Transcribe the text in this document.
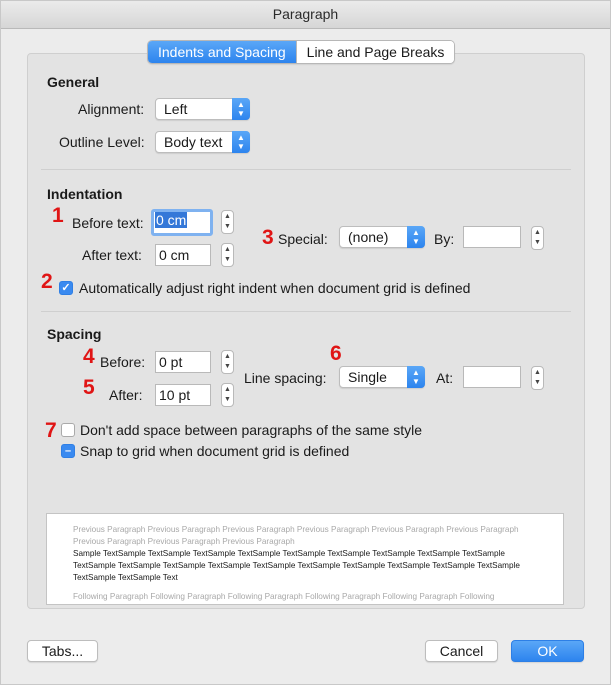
Paragraph
Indents and Spacing	Line and Page Breaks
General
Alignment: Left	▲
▼
Outline Level: Body text	▲
▼
Indentation
1 Before text: 0 cm	▲
▼
After text: 0 cm	▲
▼
3 Special: (none)	▲
▼	By:	▲
▼
2 ✓ Automatically adjust right indent when document grid is defined
Spacing
4 Before: 0 pt	▲
▼
5 After: 10 pt	▲
▼
6
Line spacing: Single	▲
▼	At:	▲
▼
7 Don't add space between paragraphs of the same style
– Snap to grid when document grid is defined
Previous Paragraph Previous Paragraph Previous Paragraph Previous Paragraph Previous Paragraph Previous Paragraph Previous Paragraph Previous Paragraph Previous Paragraph
Sample TextSample TextSample TextSample TextSample TextSample TextSample TextSample TextSample TextSample TextSample TextSample TextSample TextSample TextSample TextSample TextSample TextSample TextSample TextSample TextSample TextSample Text
Following Paragraph Following Paragraph Following Paragraph Following Paragraph Following Paragraph Following
Tabs...	Cancel	OK
